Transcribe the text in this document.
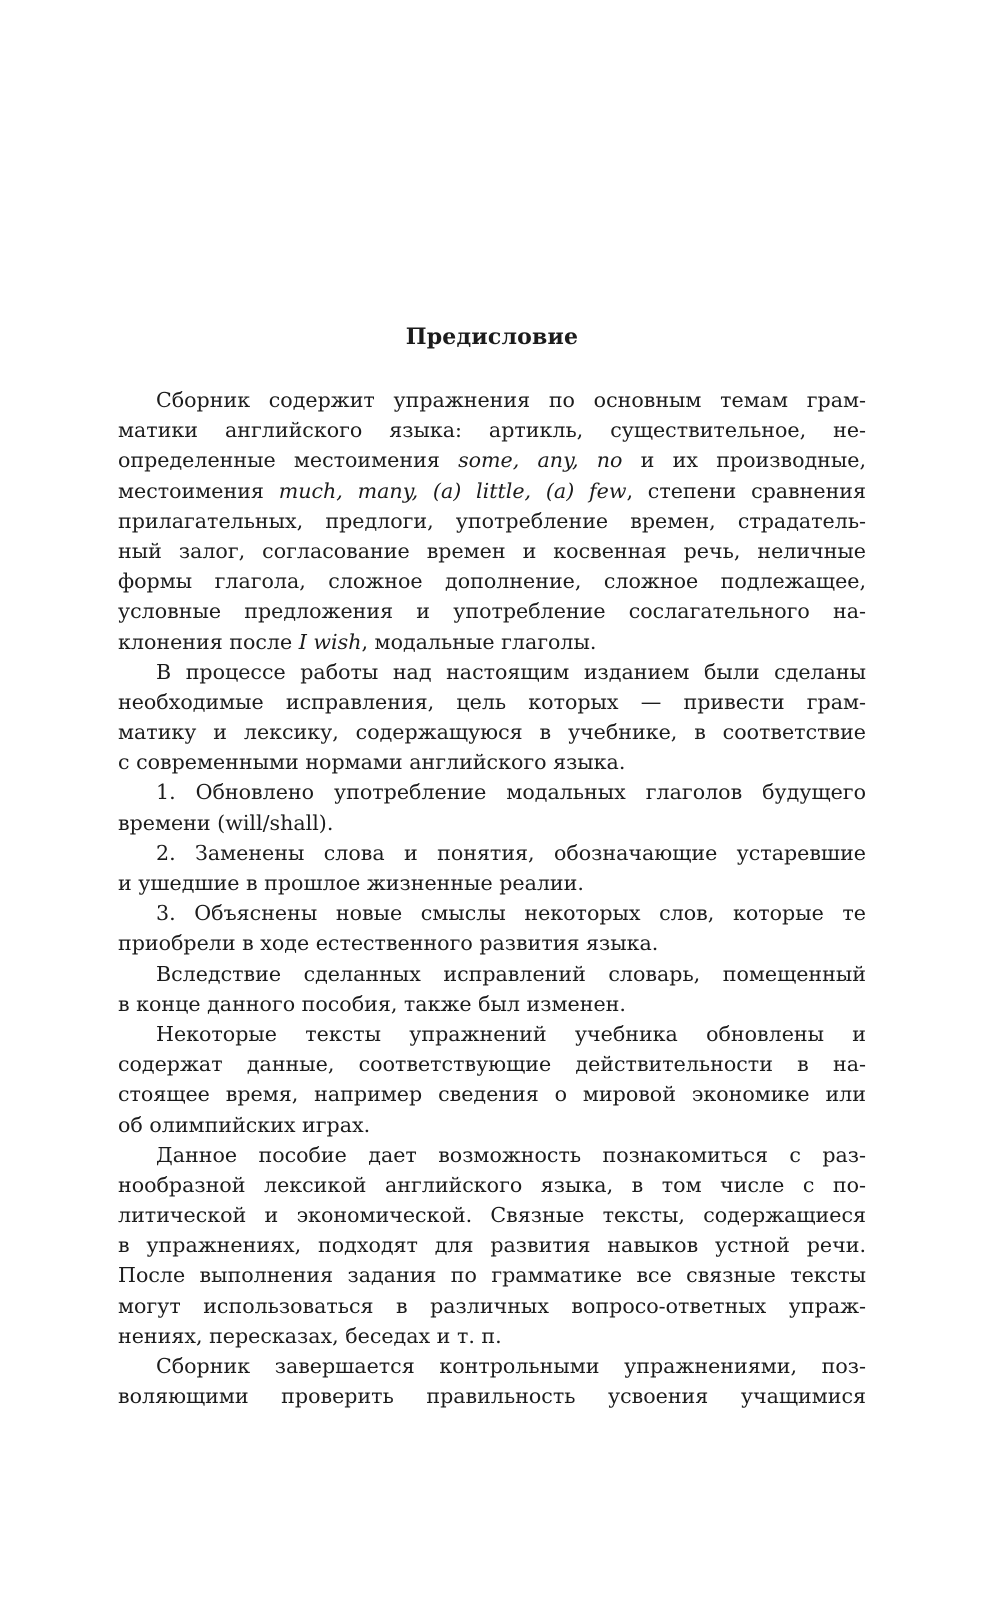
Предисловие
Сборник содержит упражнения по основным темам грам-
матики английского языка: артикль, существительное, не-
определенные местоимения some, any, no и их производные,
местоимения much, many, (a) little, (a) few, степени сравнения
прилагательных, предлоги, употребление времен, страдатель-
ный залог, согласование времен и косвенная речь, неличные
формы глагола, сложное дополнение, сложное подлежащее,
условные предложения и употребление сослагательного на-
клонения после I wish, модальные глаголы.
В процессе работы над настоящим изданием были сделаны
необходимые исправления, цель которых — привести грам-
матику и лексику, содержащуюся в учебнике, в соответствие
с современными нормами английского языка.
1. Обновлено употребление модальных глаголов будущего
времени (will/shall).
2. Заменены слова и понятия, обозначающие устаревшие
и ушедшие в прошлое жизненные реалии.
3. Объяснены новые смыслы некоторых слов, которые те
приобрели в ходе естественного развития языка.
Вследствие сделанных исправлений словарь, помещенный
в конце данного пособия, также был изменен.
Некоторые тексты упражнений учебника обновлены и
содержат данные, соответствующие действительности в на-
стоящее время, например сведения о мировой экономике или
об олимпийских играх.
Данное пособие дает возможность познакомиться с раз-
нообразной лексикой английского языка, в том числе с по-
литической и экономической. Связные тексты, содержащиеся
в упражнениях, подходят для развития навыков устной речи.
После выполнения задания по грамматике все связные тексты
могут использоваться в различных вопросо-ответных упраж-
нениях, пересказах, беседах и т. п.
Сборник завершается контрольными упражнениями, поз-
воляющими проверить правильность усвоения учащимися
